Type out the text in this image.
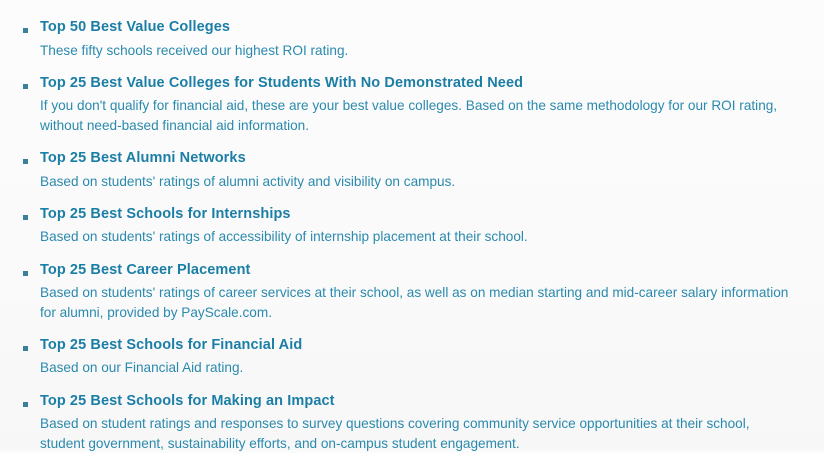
Top 50 Best Value Colleges
These fifty schools received our highest ROI rating.
Top 25 Best Value Colleges for Students With No Demonstrated Need
If you don't qualify for financial aid, these are your best value colleges. Based on the same methodology for our ROI rating, without need-based financial aid information.
Top 25 Best Alumni Networks
Based on students' ratings of alumni activity and visibility on campus.
Top 25 Best Schools for Internships
Based on students' ratings of accessibility of internship placement at their school.
Top 25 Best Career Placement
Based on students' ratings of career services at their school, as well as on median starting and mid-career salary information for alumni, provided by PayScale.com.
Top 25 Best Schools for Financial Aid
Based on our Financial Aid rating.
Top 25 Best Schools for Making an Impact
Based on student ratings and responses to survey questions covering community service opportunities at their school, student government, sustainability efforts, and on-campus student engagement.
